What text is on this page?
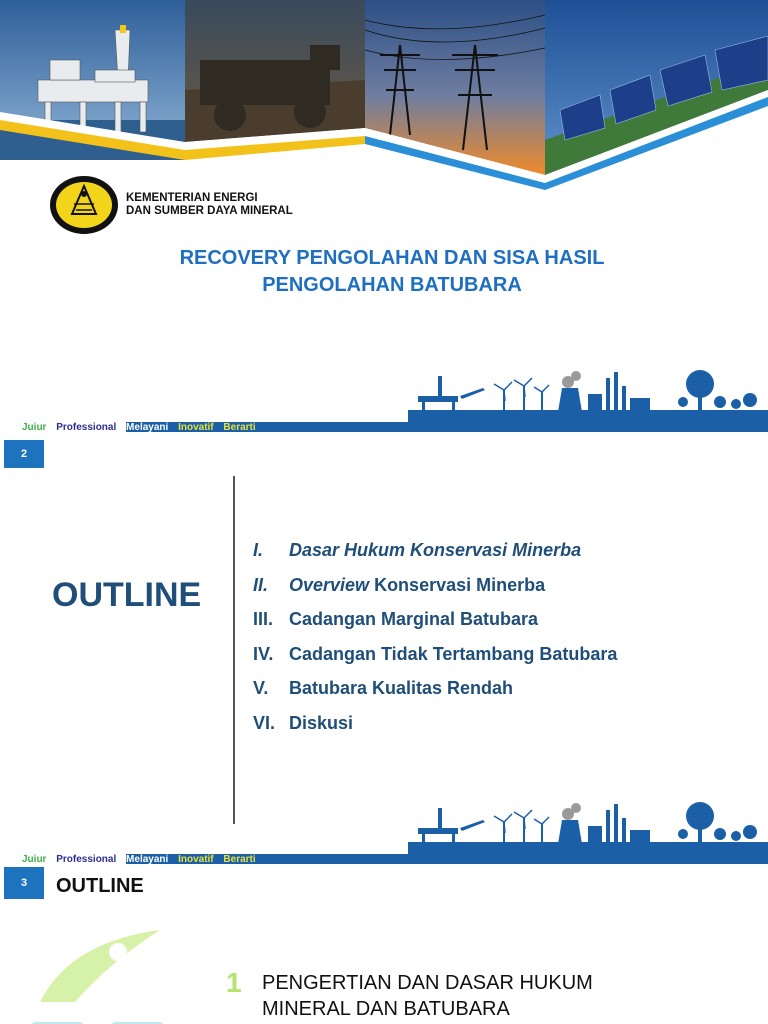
KEMENTERIAN ENERGI
DAN SUMBER DAYA MINERAL
RECOVERY PENGOLAHAN DAN SISA HASIL
PENGOLAHAN BATUBARA
Juiur Professional Melayani Inovatif Berarti
2
OUTLINE
I.	Dasar Hukum Konservasi Minerba
II.	Overview Konservasi Minerba
III. Cadangan Marginal Batubara
IV. Cadangan Tidak Tertambang Batubara
V.	Batubara Kualitas Rendah
VI. Diskusi
Juiur Professional Melayani Inovatif Berarti
3	OUTLINE
1 PENGERTIAN DAN DASAR HUKUM MINERAL DAN BATUBARA
